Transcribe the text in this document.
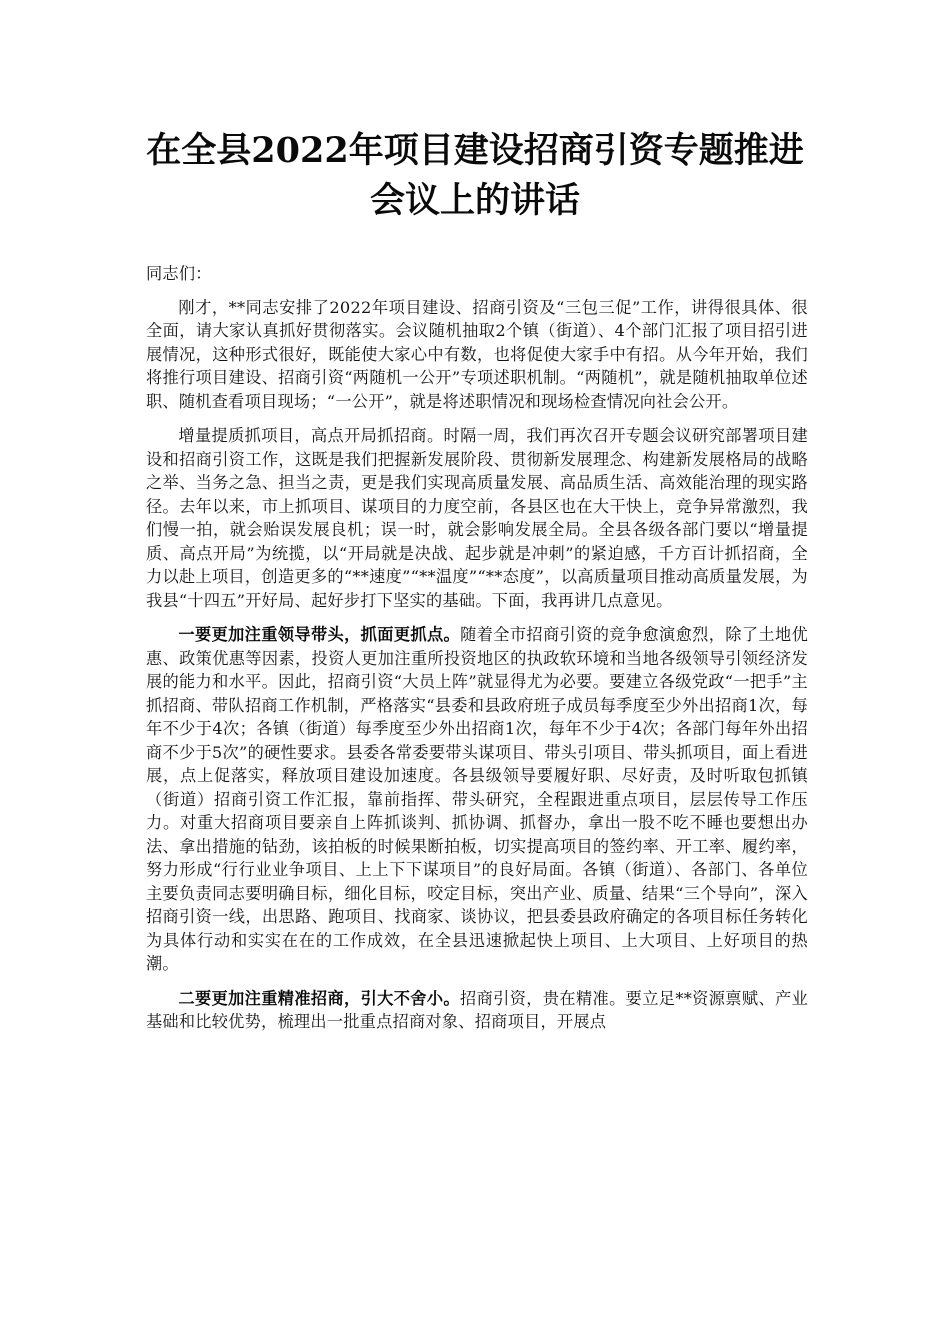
在全县2022年项目建设招商引资专题推进
会议上的讲话

同志们：

刚才，**同志安排了2022年项目建设、招商引资及“三包三促”工作，讲得很具体、很全面，请大家认真抓好贯彻落实。会议随机抽取2个镇（街道）、4个部门汇报了项目招引进展情况，这种形式很好，既能使大家心中有数，也将促使大家手中有招。从今年开始，我们将推行项目建设、招商引资“两随机一公开”专项述职机制。“两随机”，就是随机抽取单位述职、随机查看项目现场；“一公开”，就是将述职情况和现场检查情况向社会公开。

增量提质抓项目，高点开局抓招商。时隔一周，我们再次召开专题会议研究部署项目建设和招商引资工作，这既是我们把握新发展阶段、贯彻新发展理念、构建新发展格局的战略之举、当务之急、担当之责，更是我们实现高质量发展、高品质生活、高效能治理的现实路径。去年以来，市上抓项目、谋项目的力度空前，各县区也在大干快上，竞争异常激烈，我们慢一拍，就会贻误发展良机；误一时，就会影响发展全局。全县各级各部门要以“增量提质、高点开局”为统揽，以“开局就是决战、起步就是冲刺”的紧迫感，千方百计抓招商，全力以赴上项目，创造更多的“**速度”“**温度”“**态度”，以高质量项目推动高质量发展，为我县“十四五”开好局、起好步打下坚实的基础。下面，我再讲几点意见。

一要更加注重领导带头，抓面更抓点。随着全市招商引资的竞争愈演愈烈，除了土地优惠、政策优惠等因素，投资人更加注重所投资地区的执政软环境和当地各级领导引领经济发展的能力和水平。因此，招商引资“大员上阵”就显得尤为必要。要建立各级党政“一把手”主抓招商、带队招商工作机制，严格落实“县委和县政府班子成员每季度至少外出招商1次，每年不少于4次；各镇（街道）每季度至少外出招商1次，每年不少于4次；各部门每年外出招商不少于5次”的硬性要求。县委各常委要带头谋项目、带头引项目、带头抓项目，面上看进展，点上促落实，释放项目建设加速度。各县级领导要履好职、尽好责，及时听取包抓镇（街道）招商引资工作汇报，靠前指挥、带头研究，全程跟进重点项目，层层传导工作压力。对重大招商项目要亲自上阵抓谈判、抓协调、抓督办，拿出一股不吃不睡也要想出办法、拿出措施的钻劲，该拍板的时候果断拍板，切实提高项目的签约率、开工率、履约率，努力形成“行行业业争项目、上上下下谋项目”的良好局面。各镇（街道）、各部门、各单位主要负责同志要明确目标，细化目标，咬定目标，突出产业、质量、结果“三个导向”，深入招商引资一线，出思路、跑项目、找商家、谈协议，把县委县政府确定的各项目标任务转化为具体行动和实实在在的工作成效，在全县迅速掀起快上项目、上大项目、上好项目的热潮。

二要更加注重精准招商，引大不舍小。招商引资，贵在精准。要立足**资源禀赋、产业基础和比较优势，梳理出一批重点招商对象、招商项目，开展点
